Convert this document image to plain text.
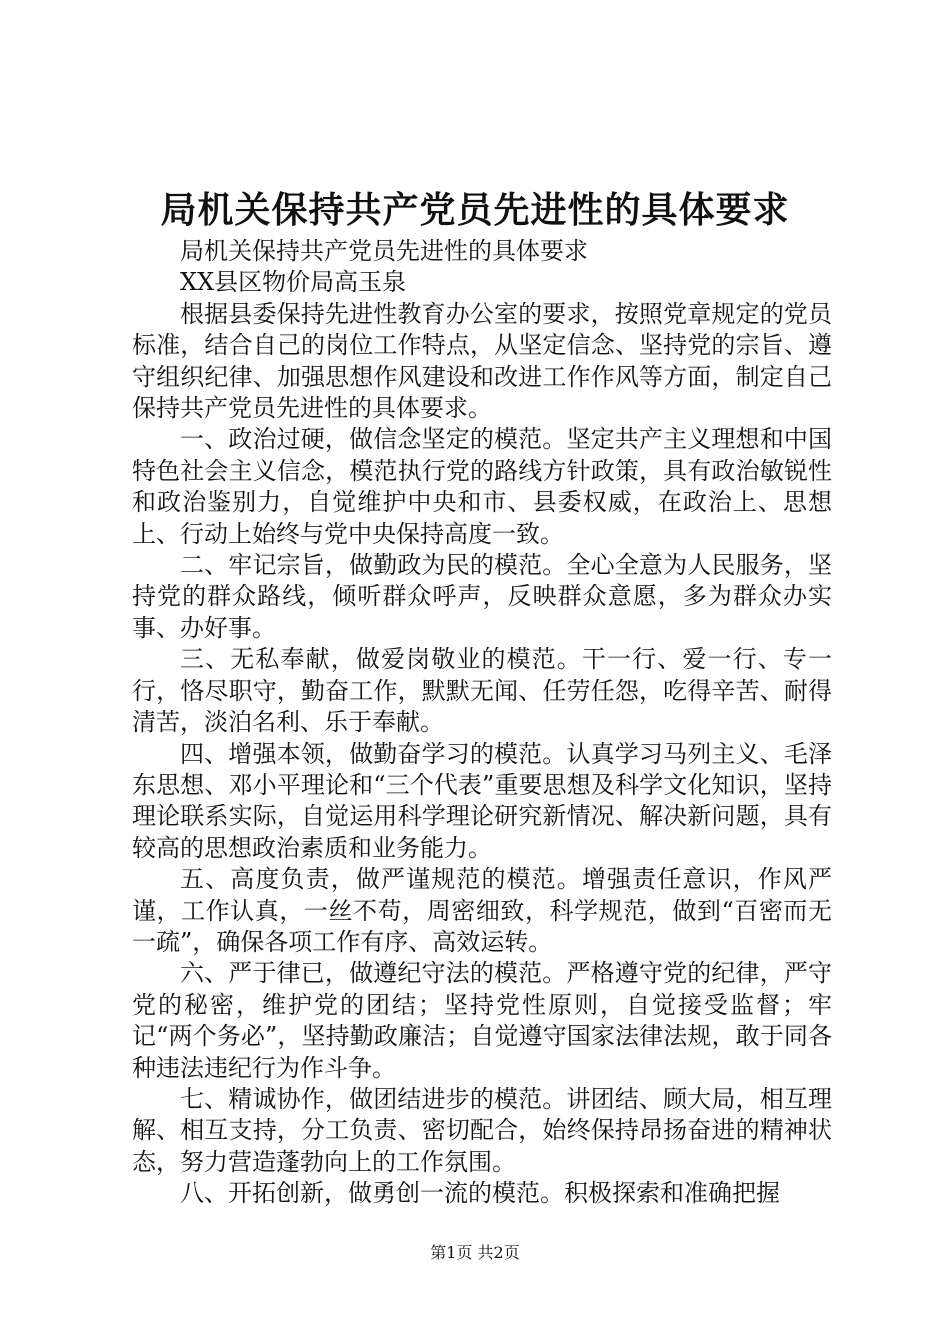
局机关保持共产党员先进性的具体要求

局机关保持共产党员先进性的具体要求

XX县区物价局高玉泉

根据县委保持先进性教育办公室的要求，按照党章规定的党员标准，结合自己的岗位工作特点，从坚定信念、坚持党的宗旨、遵守组织纪律、加强思想作风建设和改进工作作风等方面，制定自己保持共产党员先进性的具体要求。

一、政治过硬，做信念坚定的模范。坚定共产主义理想和中国特色社会主义信念，模范执行党的路线方针政策，具有政治敏锐性和政治鉴别力，自觉维护中央和市、县委权威，在政治上、思想上、行动上始终与党中央保持高度一致。

二、牢记宗旨，做勤政为民的模范。全心全意为人民服务，坚持党的群众路线，倾听群众呼声，反映群众意愿，多为群众办实事、办好事。

三、无私奉献，做爱岗敬业的模范。干一行、爱一行、专一行，恪尽职守，勤奋工作，默默无闻、任劳任怨，吃得辛苦、耐得清苦，淡泊名利、乐于奉献。

四、增强本领，做勤奋学习的模范。认真学习马列主义、毛泽东思想、邓小平理论和“三个代表”重要思想及科学文化知识，坚持理论联系实际，自觉运用科学理论研究新情况、解决新问题，具有较高的思想政治素质和业务能力。

五、高度负责，做严谨规范的模范。增强责任意识，作风严谨，工作认真，一丝不苟，周密细致，科学规范，做到“百密而无一疏”，确保各项工作有序、高效运转。

六、严于律已，做遵纪守法的模范。严格遵守党的纪律，严守党的秘密，维护党的团结；坚持党性原则，自觉接受监督；牢记“两个务必”，坚持勤政廉洁；自觉遵守国家法律法规，敢于同各种违法违纪行为作斗争。

七、精诚协作，做团结进步的模范。讲团结、顾大局，相互理解、相互支持，分工负责、密切配合，始终保持昂扬奋进的精神状态，努力营造蓬勃向上的工作氛围。

八、开拓创新，做勇创一流的模范。积极探索和准确把握

第1页 共2页
